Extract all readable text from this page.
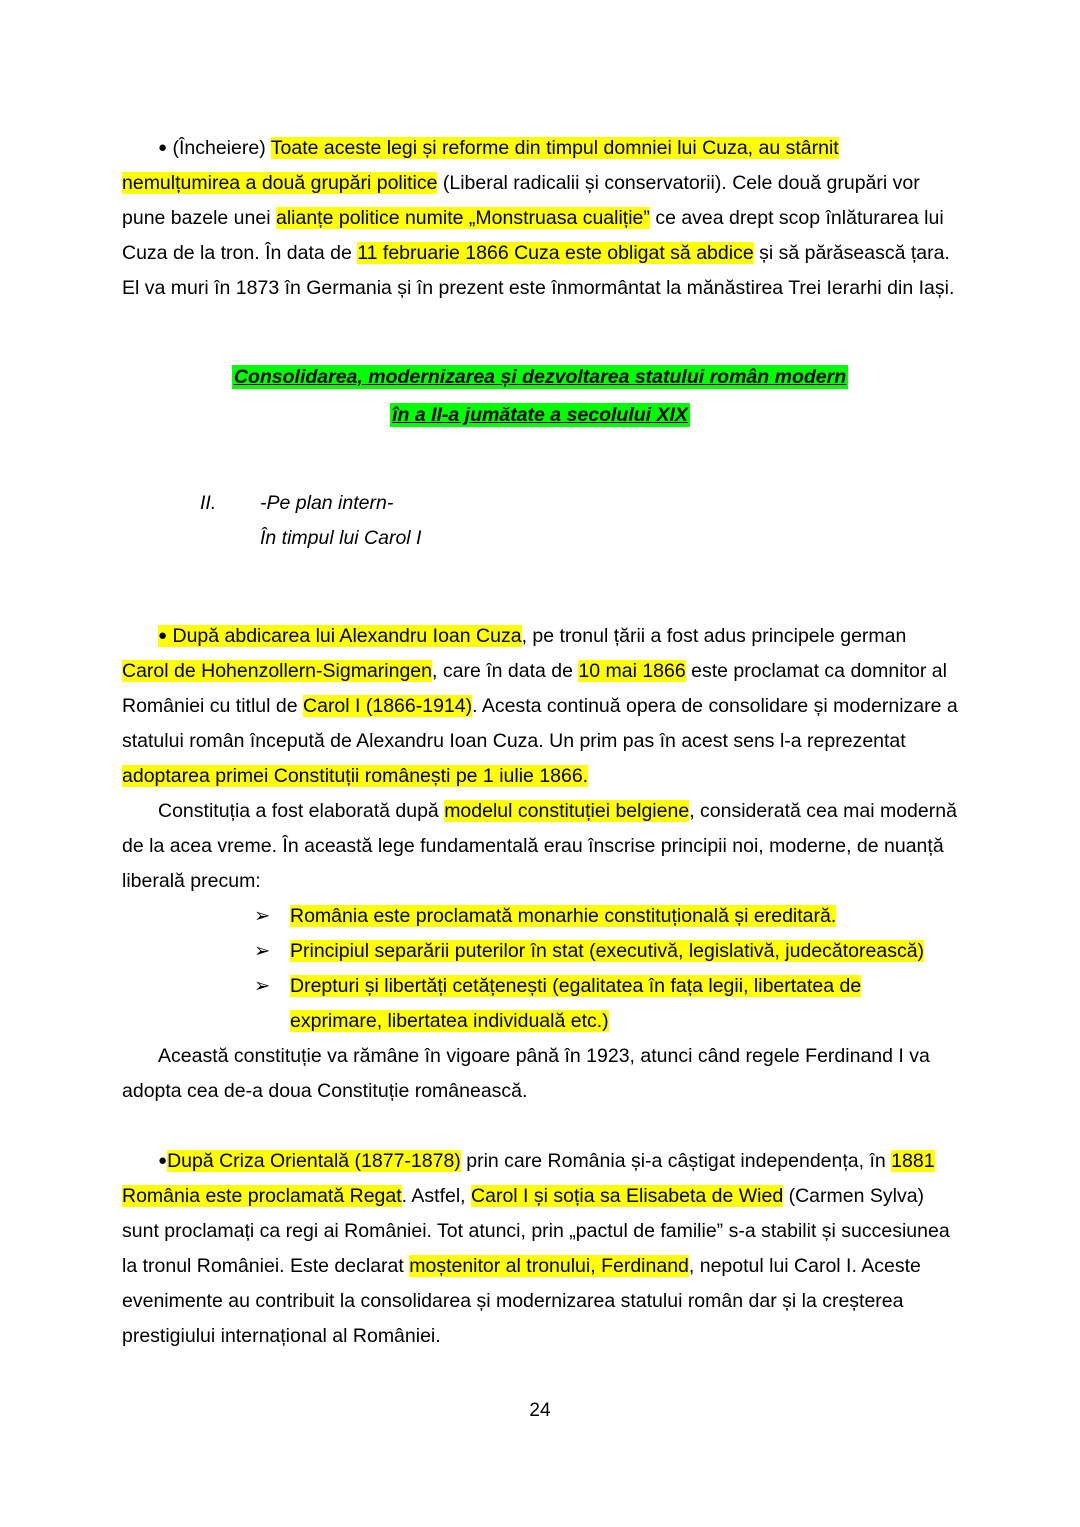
● (Încheiere) Toate aceste legi și reforme din timpul domniei lui Cuza, au stârnit nemulțumirea a două grupări politice (Liberal radicalii și conservatorii). Cele două grupări vor pune bazele unei alianțe politice numite „Monstruasa cualiție” ce avea drept scop înlăturarea lui Cuza de la tron. În data de 11 februarie 1866 Cuza este obligat să abdice și să părăsească țara. El va muri în 1873 în Germania și în prezent este înmormântat la mănăstirea Trei Ierarhi din Iași.

Consolidarea, modernizarea și dezvoltarea statului român modern
în a II-a jumătate a secolului XIX
II.	-Pe plan intern-
În timpul lui Carol I

● După abdicarea lui Alexandru Ioan Cuza, pe tronul țării a fost adus principele german Carol de Hohenzollern-Sigmaringen, care în data de 10 mai 1866 este proclamat ca domnitor al României cu titlul de Carol I (1866-1914). Acesta continuă opera de consolidare și modernizare a statului român începută de Alexandru Ioan Cuza. Un prim pas în acest sens l-a reprezentat adoptarea primei Constituții românești pe 1 iulie 1866.

Constituția a fost elaborată după modelul constituției belgiene, considerată cea mai modernă de la acea vreme. În această lege fundamentală erau înscrise principii noi, moderne, de nuanță liberală precum:

➢	România este proclamată monarhie constituțională și ereditară.
➢	Principiul separării puterilor în stat (executivă, legislativă, judecătorească)
➢	Drepturi și libertăți cetățenești (egalitatea în fața legii, libertatea de exprimare, libertatea individuală etc.)

Această constituție va rămâne în vigoare până în 1923, atunci când regele Ferdinand I va adopta cea de-a doua Constituție românească.

●După Criza Orientală (1877-1878) prin care România și-a câștigat independența, în 1881 România este proclamată Regat. Astfel, Carol I și soția sa Elisabeta de Wied (Carmen Sylva) sunt proclamați ca regi ai României. Tot atunci, prin „pactul de familie” s-a stabilit și succesiunea la tronul României. Este declarat moștenitor al tronului, Ferdinand, nepotul lui Carol I. Aceste evenimente au contribuit la consolidarea și modernizarea statului român dar și la creșterea prestigiului internațional al României.

24
